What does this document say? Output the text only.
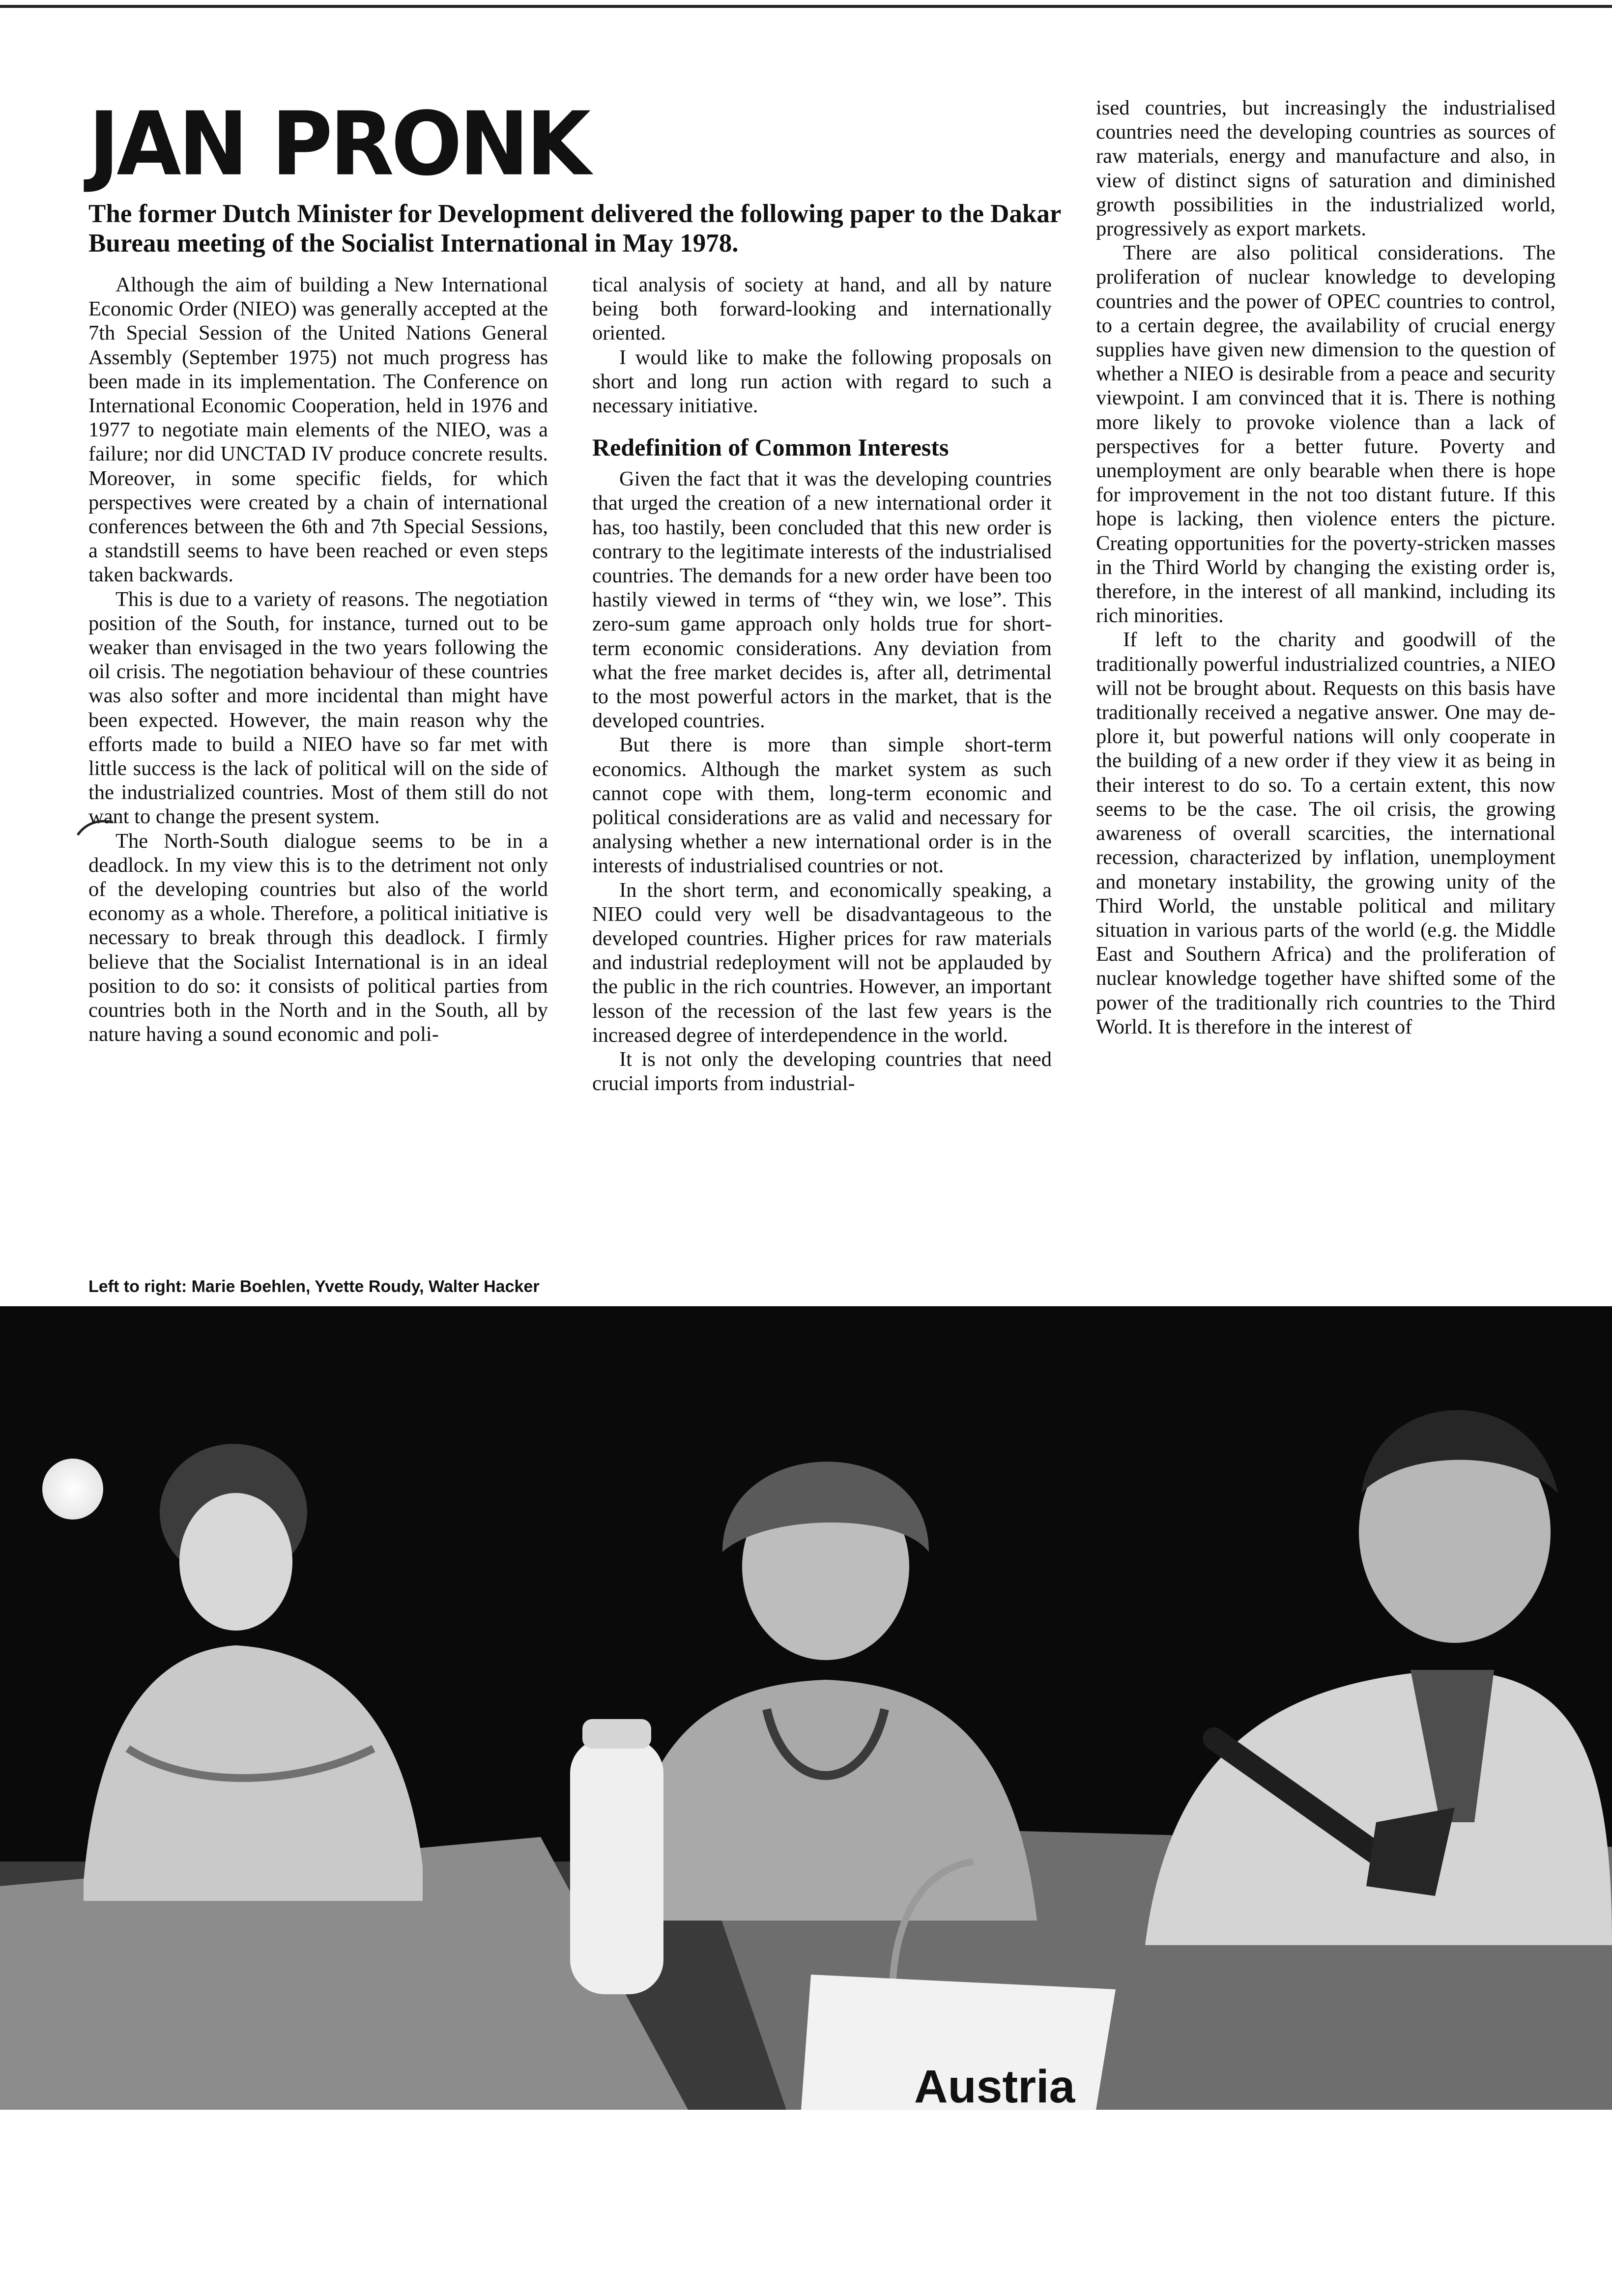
JAN PRONK

The former Dutch Minister for Development delivered the following paper to the Dakar Bureau meeting of the Socialist International in May 1978.

Although the aim of building a New International Economic Order (NIEO) was generally accepted at the 7th Special Session of the United Nations General Assembly (September 1975) not much progress has been made in its implementation. The Conference on International Economic Cooperation, held in 1976 and 1977 to negotiate main elements of the NIEO, was a failure; nor did UNCTAD IV produce concrete results. Moreover, in some specific fields, for which perspectives were created by a chain of international conferences between the 6th and 7th Special Sessions, a standstill seems to have been reached or even steps taken backwards.

This is due to a variety of reasons. The negotiation position of the South, for instance, turned out to be weaker than envisaged in the two years following the oil crisis. The negotiation behaviour of these countries was also softer and more incidental than might have been expected. However, the main reason why the efforts made to build a NIEO have so far met with little success is the lack of political will on the side of the industrialized countries. Most of them still do not want to change the present system.

The North-South dialogue seems to be in a deadlock. In my view this is to the detriment not only of the developing countries but also of the world economy as a whole. Therefore, a political initiative is necessary to break through this deadlock. I firmly believe that the Socialist International is in an ideal position to do so: it consists of political parties from countries both in the North and in the South, all by nature having a sound economic and poli-

tical analysis of society at hand, and all by nature being both forward-looking and internationally oriented.

I would like to make the following proposals on short and long run action with regard to such a necessary initiative.

Redefinition of Common Interests

Given the fact that it was the developing countries that urged the creation of a new international order it has, too hastily, been concluded that this new order is contrary to the legitimate interests of the industrialised countries. The demands for a new order have been too hastily viewed in terms of “they win, we lose”. This zero-sum game approach only holds true for short-term economic considerations. Any deviation from what the free market decides is, after all, detrimental to the most powerful actors in the market, that is the developed countries.

But there is more than simple short-term economics. Although the market system as such cannot cope with them, long-term economic and political considerations are as valid and necessary for analysing whether a new international order is in the interests of industrialised countries or not.

In the short term, and economically speaking, a NIEO could very well be disadvantageous to the developed countries. Higher prices for raw materials and industrial redeployment will not be applauded by the public in the rich countries. However, an important lesson of the recession of the last few years is the increased degree of interdependence in the world.

It is not only the developing countries that need crucial imports from industrial-

ised countries, but increasingly the industrialised countries need the developing countries as sources of raw materials, energy and manufacture and also, in view of distinct signs of saturation and diminished growth possibilities in the industrialized world, progressively as export markets.

There are also political considerations. The proliferation of nuclear knowledge to developing countries and the power of OPEC countries to control, to a certain degree, the availability of crucial energy supplies have given new dimension to the question of whether a NIEO is desirable from a peace and security viewpoint. I am convinced that it is. There is nothing more likely to provoke violence than a lack of perspectives for a better future. Poverty and unemployment are only bearable when there is hope for improvement in the not too distant future. If this hope is lacking, then violence enters the picture. Creating opportunities for the poverty-stricken masses in the Third World by changing the existing order is, therefore, in the interest of all mankind, including its rich minorities.

If left to the charity and goodwill of the traditionally powerful industrialized countries, a NIEO will not be brought about. Requests on this basis have traditionally received a negative answer. One may deplore it, but powerful nations will only cooperate in the building of a new order if they view it as being in their interest to do so. To a certain extent, this now seems to be the case. The oil crisis, the growing awareness of overall scarcities, the international recession, characterized by inflation, unemployment and monetary instability, the growing unity of the Third World, the unstable political and military situation in various parts of the world (e.g. the Middle East and Southern Africa) and the proliferation of nuclear knowledge together have shifted some of the power of the traditionally rich countries to the Third World. It is therefore in the interest of

Left to right: Marie Boehlen, Yvette Roudy, Walter Hacker

Austria
